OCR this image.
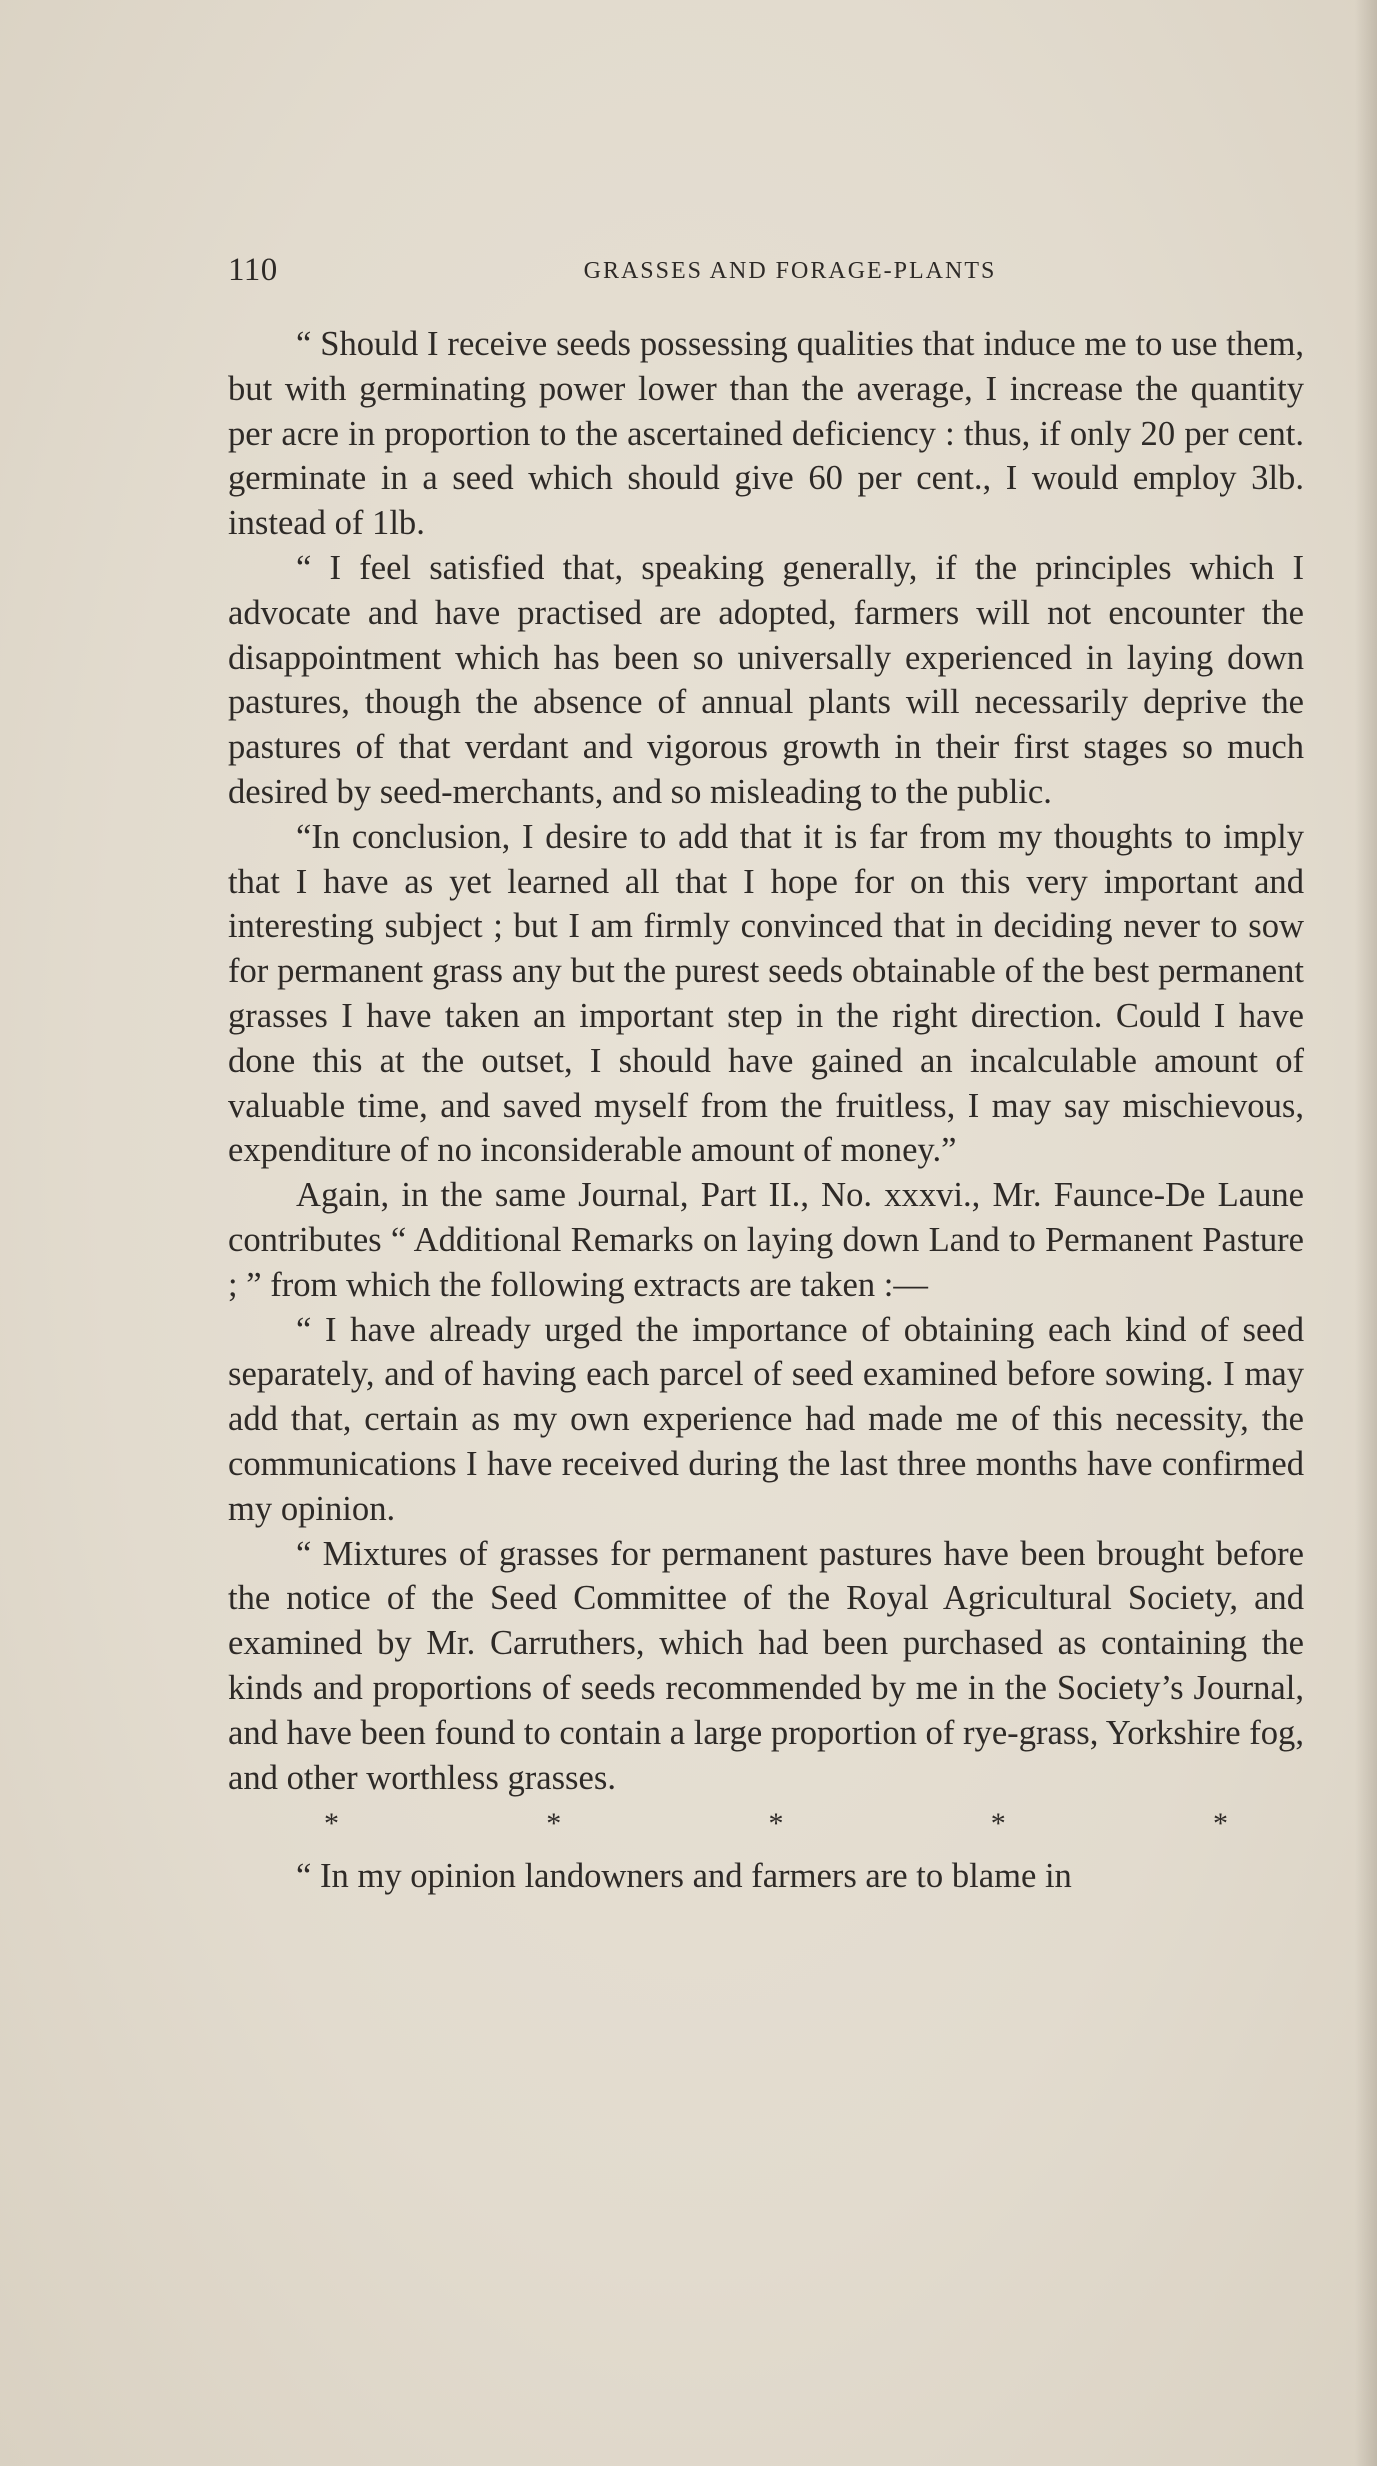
110	GRASSES AND FORAGE-PLANTS

“ Should I receive seeds possessing qualities that induce me to use them, but with germinating power lower than the average, I increase the quantity per acre in proportion to the ascertained deficiency : thus, if only 20 per cent. germinate in a seed which should give 60 per cent., I would employ 3lb. instead of 1lb.

“ I feel satisfied that, speaking generally, if the principles which I advocate and have practised are adopted, farmers will not encounter the disappointment which has been so universally experienced in laying down pastures, though the absence of annual plants will necessarily deprive the pastures of that verdant and vigorous growth in their first stages so much desired by seed-merchants, and so misleading to the public.

“In conclusion, I desire to add that it is far from my thoughts to imply that I have as yet learned all that I hope for on this very important and interesting subject ; but I am firmly convinced that in deciding never to sow for permanent grass any but the purest seeds obtainable of the best permanent grasses I have taken an important step in the right direction. Could I have done this at the outset, I should have gained an incalculable amount of valuable time, and saved myself from the fruitless, I may say mischievous, expenditure of no inconsiderable amount of money.”

Again, in the same Journal, Part II., No. xxxvi., Mr. Faunce-De Laune contributes “ Additional Remarks on laying down Land to Permanent Pasture ; ” from which the following extracts are taken :—

“ I have already urged the importance of obtaining each kind of seed separately, and of having each parcel of seed examined before sowing. I may add that, certain as my own experience had made me of this necessity, the communications I have received during the last three months have confirmed my opinion.

“ Mixtures of grasses for permanent pastures have been brought before the notice of the Seed Committee of the Royal Agricultural Society, and examined by Mr. Carruthers, which had been purchased as containing the kinds and proportions of seeds recommended by me in the Society’s Journal, and have been found to contain a large proportion of rye-grass, Yorkshire fog, and other worthless grasses.

*	*	*	*	*

“ In my opinion landowners and farmers are to blame in
